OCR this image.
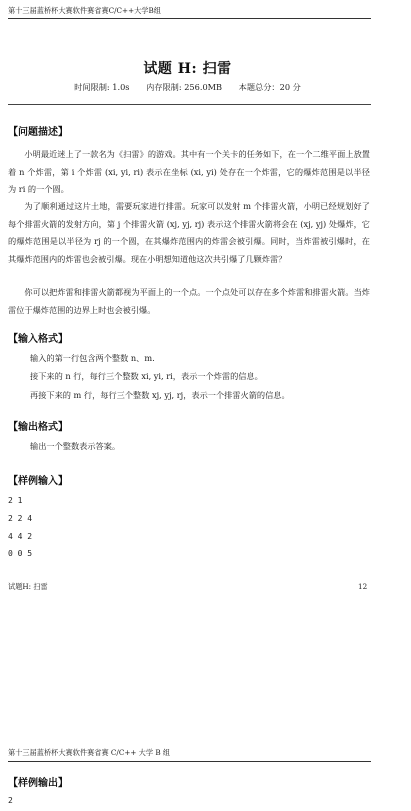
第十三届蓝桥杯大赛软件赛省赛C/C++大学B组
试题 H: 扫雷
时间限制: 1.0s 内存限制: 256.0MB 本题总分：20 分
【问题描述】
小明最近迷上了一款名为《扫雷》的游戏。其中有一个关卡的任务如下，在一个二维平面上放置着 n 个炸雷，第 i 个炸雷 (xi, yi, ri) 表示在坐标 (xi, yi) 处存在一个炸雷，它的爆炸范围是以半径为 ri 的一个圆。
为了顺利通过这片土地，需要玩家进行排雷。玩家可以发射 m 个排雷火箭，小明已经规划好了每个排雷火箭的发射方向，第 j 个排雷火箭 (xj, yj, rj) 表示这个排雷火箭将会在 (xj, yj) 处爆炸，它的爆炸范围是以半径为 rj 的一个圆，在其爆炸范围内的炸雷会被引爆。同时，当炸雷被引爆时，在其爆炸范围内的炸雷也会被引爆。现在小明想知道他这次共引爆了几颗炸雷？
你可以把炸雷和排雷火箭都视为平面上的一个点。一个点处可以存在多个炸雷和排雷火箭。当炸雷位于爆炸范围的边界上时也会被引爆。
【输入格式】
输入的第一行包含两个整数 n、m.
接下来的 n 行，每行三个整数 xi, yi, ri，表示一个炸雷的信息。
再接下来的 m 行，每行三个整数 xj, yj, rj，表示一个排雷火箭的信息。
【输出格式】
输出一个整数表示答案。
【样例输入】
2 1
2 2 4
4 4 2
0 0 5
试题H: 扫雷	12
第十三届蓝桥杯大赛软件赛省赛 C/C++ 大学 B 组
【样例输出】
2
